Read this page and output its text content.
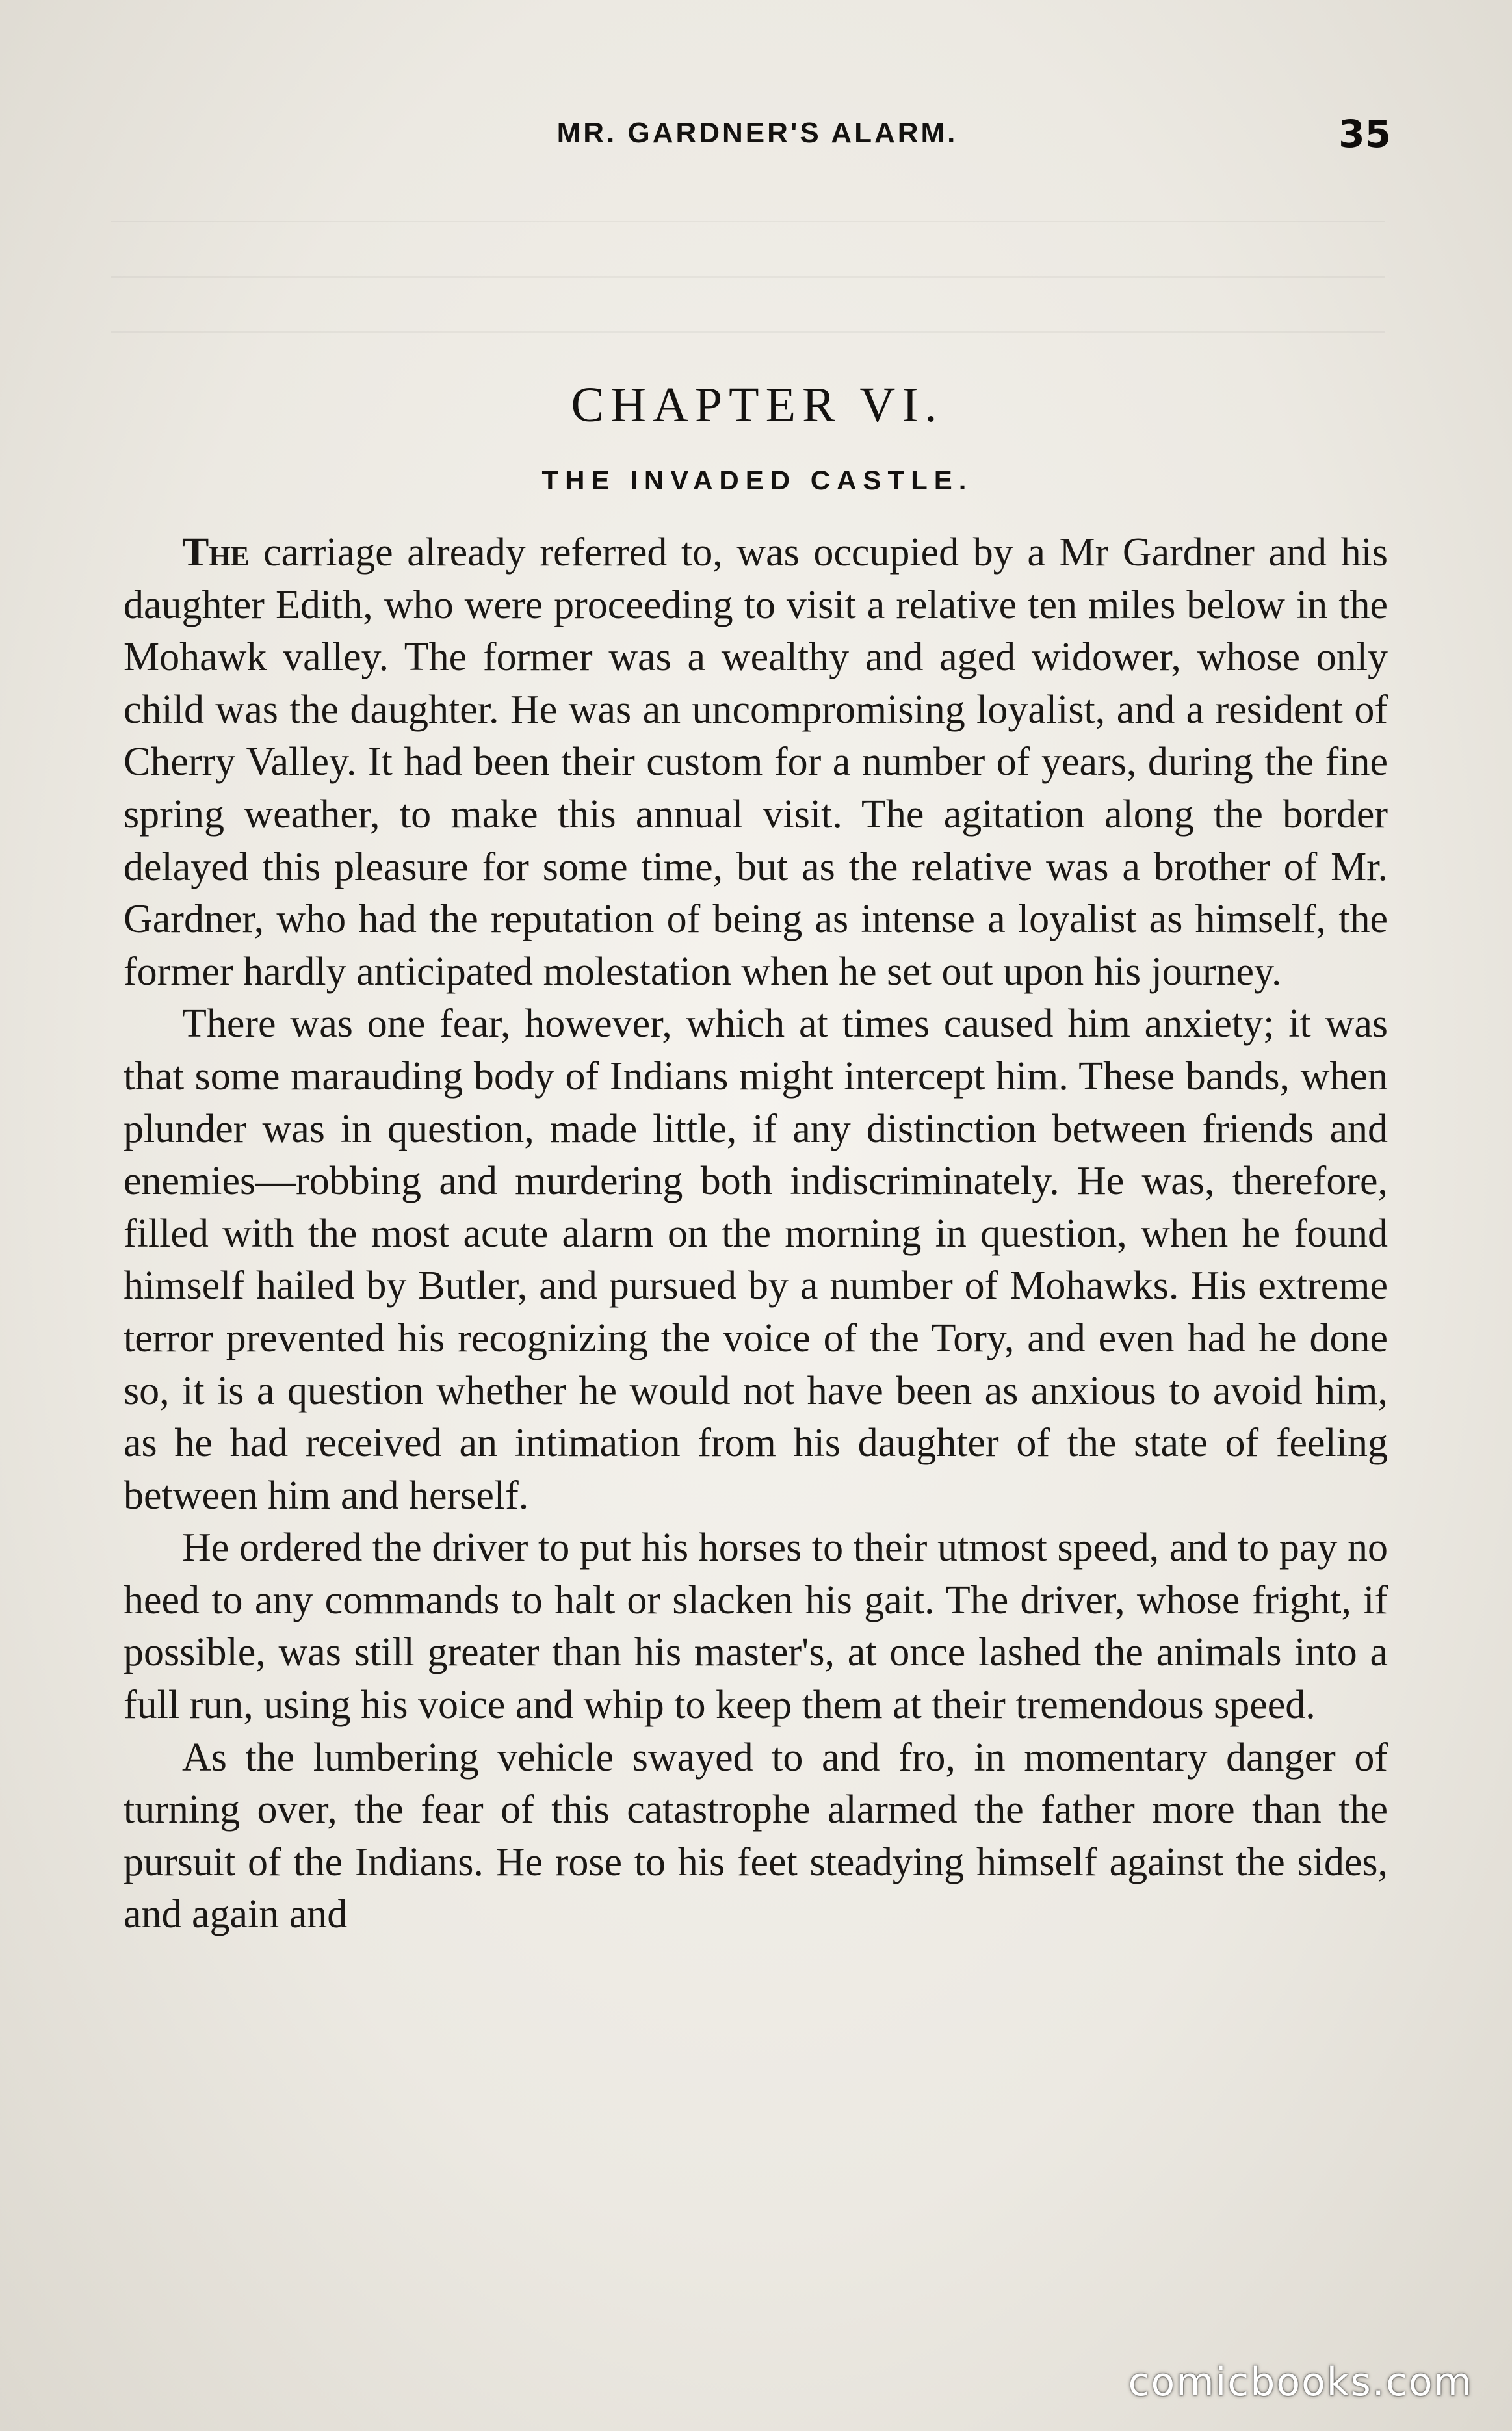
MR. GARDNER'S ALARM.	35
CHAPTER VI.
THE INVADED CASTLE.

The carriage already referred to, was occupied by a Mr Gardner and his daughter Edith, who were proceeding to visit a relative ten miles below in the Mohawk valley. The former was a wealthy and aged widower, whose only child was the daughter. He was an uncompromising loyalist, and a resident of Cherry Valley. It had been their custom for a number of years, during the fine spring weather, to make this annual visit. The agitation along the border delayed this pleasure for some time, but as the relative was a brother of Mr. Gardner, who had the reputation of being as intense a loyalist as himself, the former hardly anticipated molestation when he set out upon his journey.

There was one fear, however, which at times caused him anxiety; it was that some marauding body of Indians might intercept him. These bands, when plunder was in question, made little, if any distinction between friends and enemies—robbing and murdering both indiscriminately. He was, therefore, filled with the most acute alarm on the morning in question, when he found himself hailed by Butler, and pursued by a number of Mohawks. His extreme terror prevented his recognizing the voice of the Tory, and even had he done so, it is a question whether he would not have been as anxious to avoid him, as he had received an intimation from his daughter of the state of feeling between him and herself.

He ordered the driver to put his horses to their utmost speed, and to pay no heed to any commands to halt or slacken his gait. The driver, whose fright, if possible, was still greater than his master's, at once lashed the animals into a full run, using his voice and whip to keep them at their tremendous speed.

As the lumbering vehicle swayed to and fro, in momentary danger of turning over, the fear of this catastrophe alarmed the father more than the pursuit of the Indians. He rose to his feet steadying himself against the sides, and again and

comicbooks.com
